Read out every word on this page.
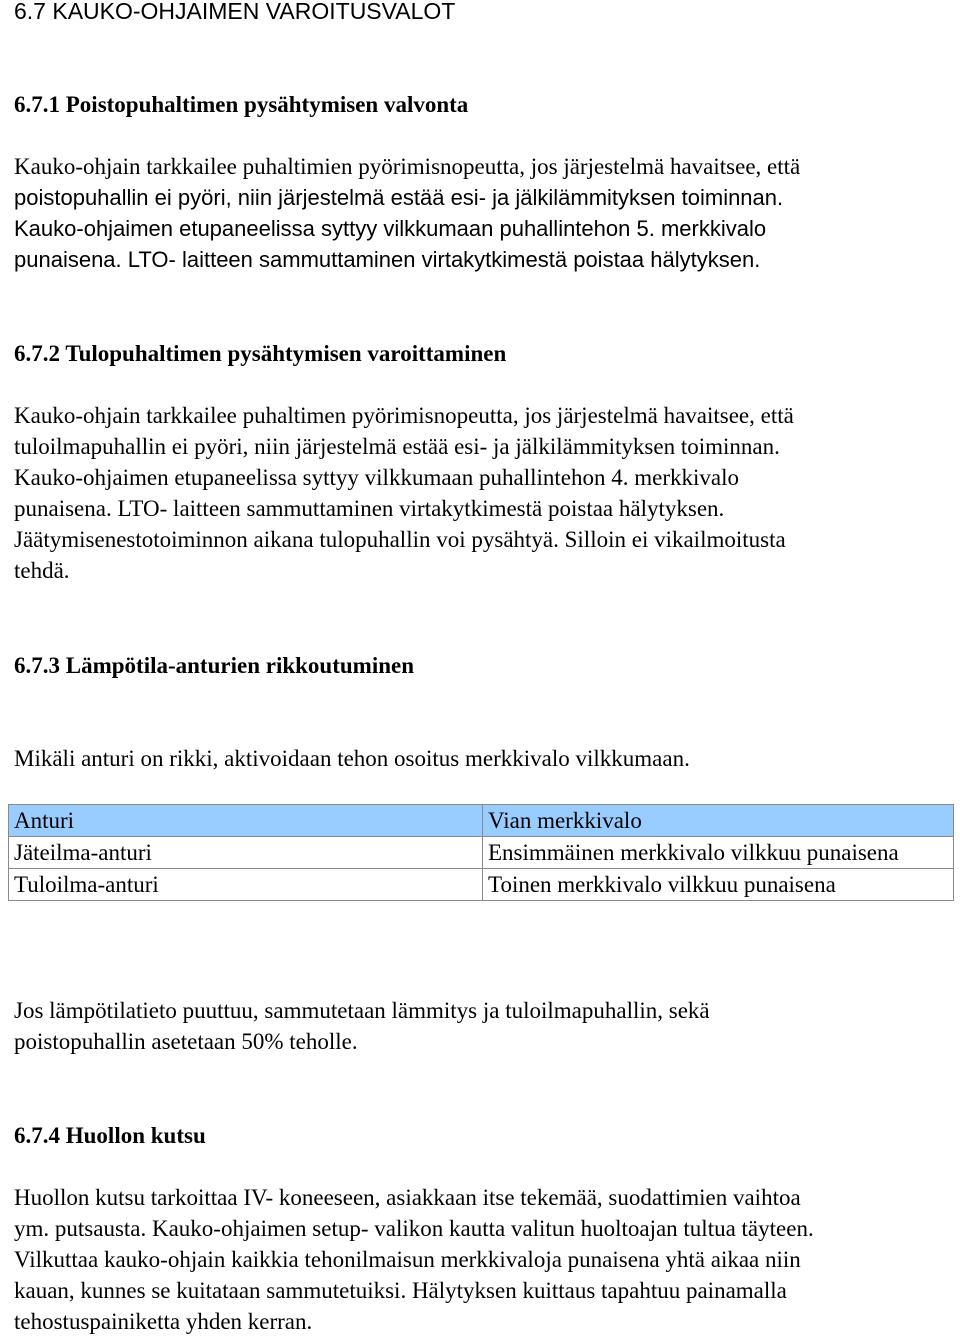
6.7 KAUKO-OHJAIMEN VAROITUSVALOT
6.7.1 Poistopuhaltimen pysähtymisen valvonta
Kauko-ohjain tarkkailee puhaltimien pyörimisnopeutta, jos järjestelmä havaitsee, että
poistopuhallin ei pyöri, niin järjestelmä estää esi- ja jälkilämmityksen toiminnan.
Kauko-ohjaimen etupaneelissa syttyy vilkkumaan puhallintehon 5. merkkivalo
punaisena. LTO- laitteen sammuttaminen virtakytkimestä poistaa hälytyksen.
6.7.2 Tulopuhaltimen pysähtymisen varoittaminen
Kauko-ohjain tarkkailee puhaltimen pyörimisnopeutta, jos järjestelmä havaitsee, että
tuloilmapuhallin ei pyöri, niin järjestelmä estää esi- ja jälkilämmityksen toiminnan.
Kauko-ohjaimen etupaneelissa syttyy vilkkumaan puhallintehon 4. merkkivalo
punaisena. LTO- laitteen sammuttaminen virtakytkimestä poistaa hälytyksen.
Jäätymisenestotoiminnon aikana tulopuhallin voi pysähtyä. Silloin ei vikailmoitusta
tehdä.
6.7.3 Lämpötila-anturien rikkoutuminen
Mikäli anturi on rikki, aktivoidaan tehon osoitus merkkivalo vilkkumaan.
Anturi	Vian merkkivalo
Jäteilma-anturi	Ensimmäinen merkkivalo vilkkuu punaisena
Tuloilma-anturi	Toinen merkkivalo vilkkuu punaisena
Jos lämpötilatieto puuttuu, sammutetaan lämmitys ja tuloilmapuhallin, sekä
poistopuhallin asetetaan 50% teholle.
6.7.4 Huollon kutsu
Huollon kutsu tarkoittaa IV- koneeseen, asiakkaan itse tekemää, suodattimien vaihtoa
ym. putsausta. Kauko-ohjaimen setup- valikon kautta valitun huoltoajan tultua täyteen.
Vilkuttaa kauko-ohjain kaikkia tehonilmaisun merkkivaloja punaisena yhtä aikaa niin
kauan, kunnes se kuitataan sammutetuiksi. Hälytyksen kuittaus tapahtuu painamalla
tehostuspainiketta yhden kerran.
